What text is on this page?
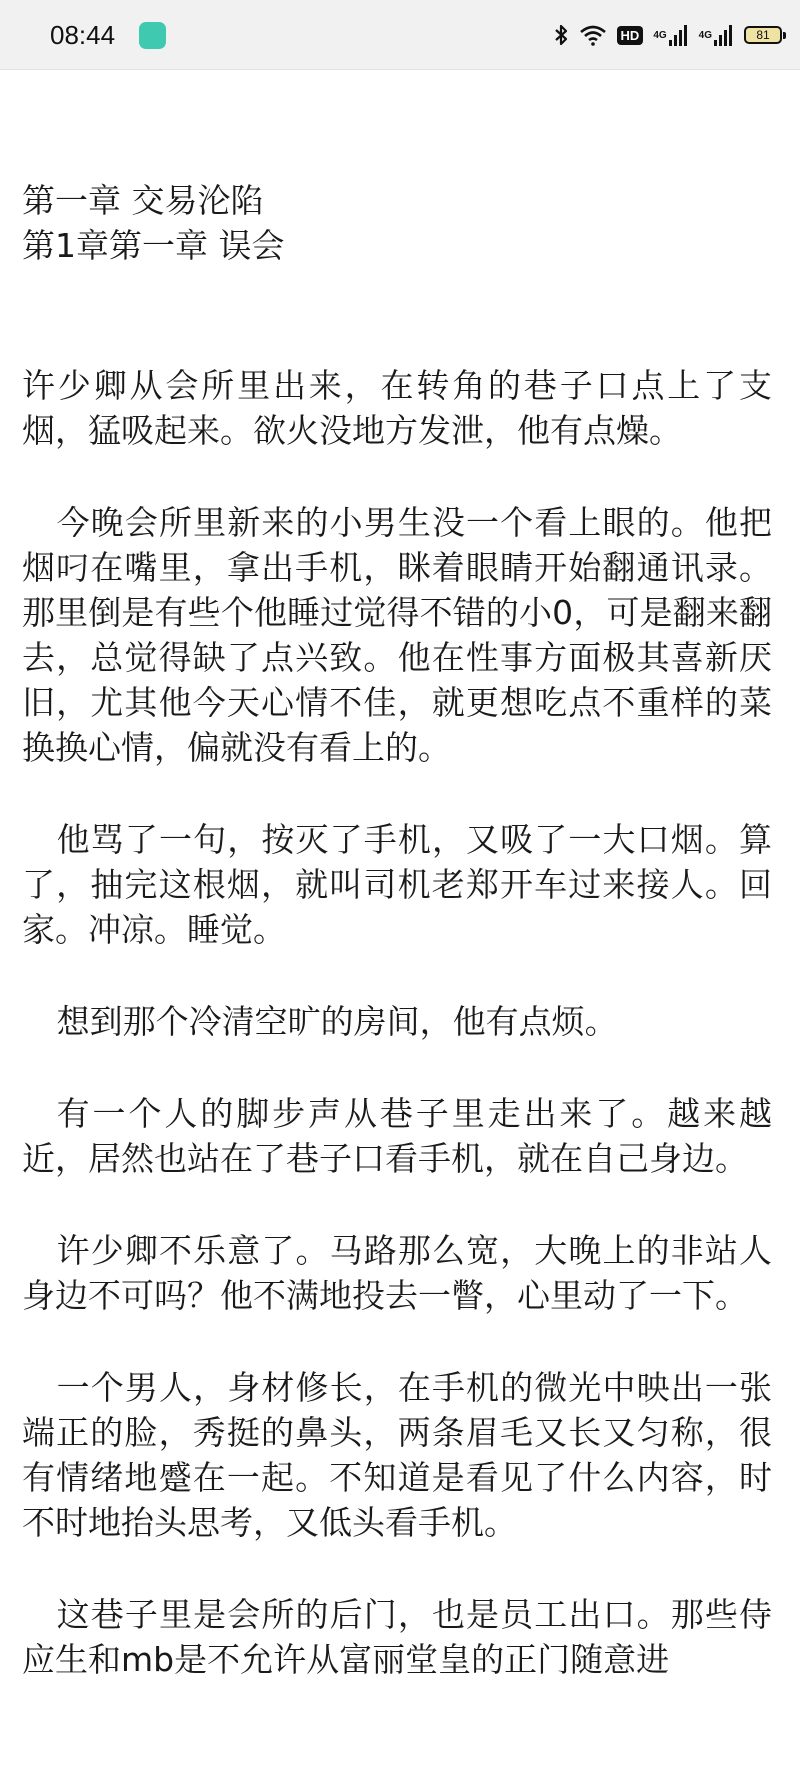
08:44	HD	4G	4G	81
第一章 交易沦陷
第1章第一章 误会

许少卿从会所里出来，在转角的巷子口点上了支烟，猛吸起来。欲火没地方发泄，他有点燥。

今晚会所里新来的小男生没一个看上眼的。他把烟叼在嘴里，拿出手机，眯着眼睛开始翻通讯录。那里倒是有些个他睡过觉得不错的小0，可是翻来翻去，总觉得缺了点兴致。他在性事方面极其喜新厌旧，尤其他今天心情不佳，就更想吃点不重样的菜换换心情，偏就没有看上的。

他骂了一句，按灭了手机，又吸了一大口烟。算了，抽完这根烟，就叫司机老郑开车过来接人。回家。冲凉。睡觉。

想到那个冷清空旷的房间，他有点烦。

有一个人的脚步声从巷子里走出来了。越来越近，居然也站在了巷子口看手机，就在自己身边。

许少卿不乐意了。马路那么宽，大晚上的非站人身边不可吗？他不满地投去一瞥，心里动了一下。

一个男人，身材修长，在手机的微光中映出一张端正的脸，秀挺的鼻头，两条眉毛又长又匀称，很有情绪地蹙在一起。不知道是看见了什么内容，时不时地抬头思考，又低头看手机。

这巷子里是会所的后门，也是员工出口。那些侍应生和mb是不允许从富丽堂皇的正门随意进
